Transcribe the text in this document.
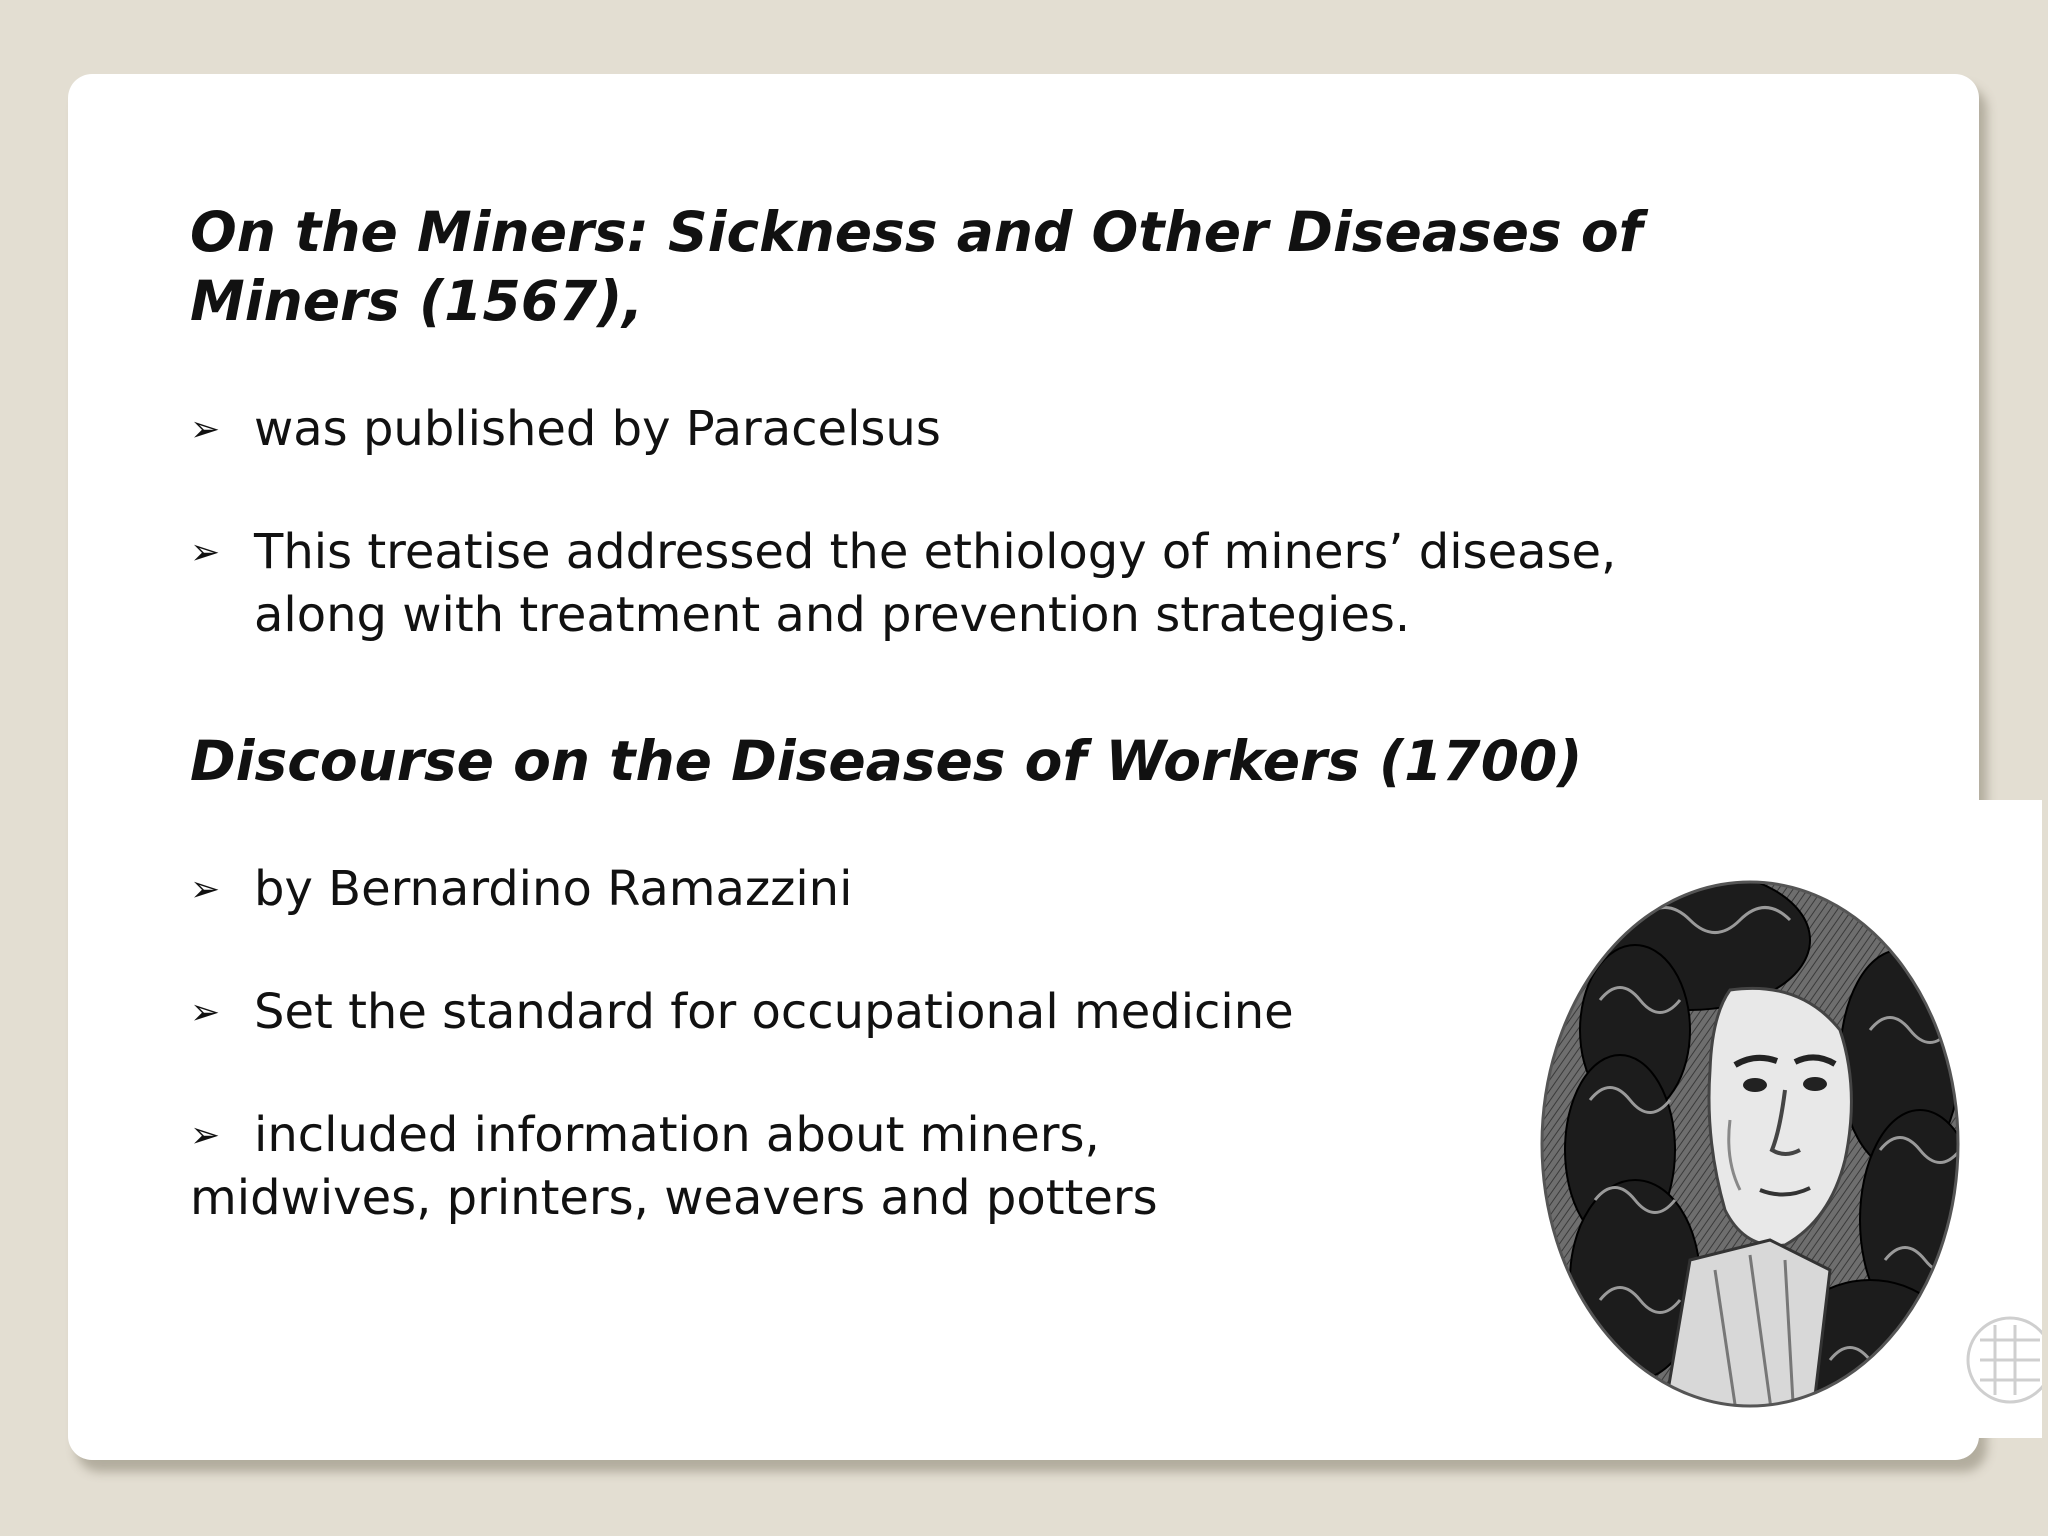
On the Miners: Sickness and Other Diseases of
Miners (1567),

➢ was published by Paracelsus

➢ This treatise addressed the ethiology of miners’ disease,
along with treatment and prevention strategies.

Discourse on the Diseases of Workers (1700)

➢ by Bernardino Ramazzini

➢ Set the standard for occupational medicine

➢ included information about miners,
midwives, printers, weavers and potters
